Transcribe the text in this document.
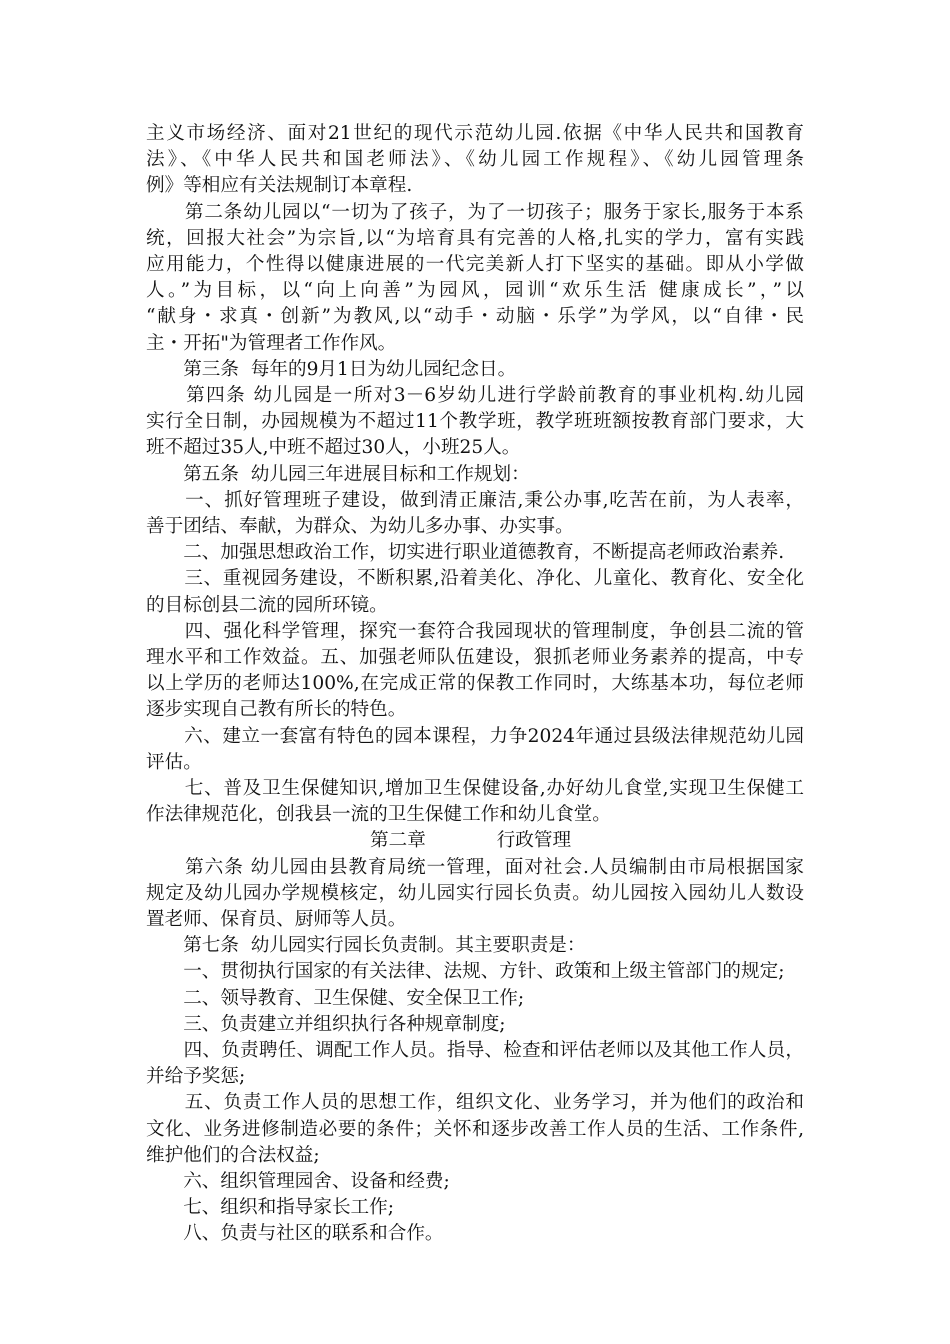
主义市场经济、面对21世纪的现代示范幼儿园.依据《中华人民共和国教育
法》、《中华人民共和国老师法》、《幼儿园工作规程》、《幼儿园管理条
例》等相应有关法规制订本章程.
　　第二条幼儿园以“一切为了孩子，为了一切孩子；服务于家长,服务于本系
统，回报大社会”为宗旨,以“为培育具有完善的人格,扎实的学力，富有实践
应用能力，个性得以健康进展的一代完美新人打下坚实的基础。即从小学做
人。”为目标，以“向上向善”为园风，园训“欢乐生活 健康成长”，”以
“献身・求真・创新”为教风,以“动手・动脑・乐学”为学风，以“自律・民
主・开拓"为管理者工作作风。
　　第三条  每年的9月1日为幼儿园纪念日。
　　第四条 幼儿园是一所对3－6岁幼儿进行学龄前教育的事业机构.幼儿园
实行全日制，办园规模为不超过11个教学班，教学班班额按教育部门要求，大
班不超过35人,中班不超过30人，小班25人。
　　第五条  幼儿园三年进展目标和工作规划：
　　一、抓好管理班子建设，做到清正廉洁,秉公办事,吃苦在前，为人表率，
善于团结、奉献，为群众、为幼儿多办事、办实事。
　　二、加强思想政治工作，切实进行职业道德教育，不断提高老师政治素养.
　　三、重视园务建设，不断积累,沿着美化、净化、儿童化、教育化、安全化
的目标创县二流的园所环镜。
　　四、强化科学管理，探究一套符合我园现状的管理制度，争创县二流的管
理水平和工作效益。五、加强老师队伍建设，狠抓老师业务素养的提高，中专
以上学历的老师达100%,在完成正常的保教工作同时，大练基本功，每位老师
逐步实现自己教有所长的特色。
　　六、建立一套富有特色的园本课程，力争2024年通过县级法律规范幼儿园
评估。
　　七、普及卫生保健知识,增加卫生保健设备,办好幼儿食堂,实现卫生保健工
作法律规范化，创我县一流的卫生保健工作和幼儿食堂。
第二章            行政管理
　　第六条 幼儿园由县教育局统一管理，面对社会.人员编制由市局根据国家
规定及幼儿园办学规模核定，幼儿园实行园长负责。幼儿园按入园幼儿人数设
置老师、保育员、厨师等人员。
　　第七条  幼儿园实行园长负责制。其主要职责是：
　　一、贯彻执行国家的有关法律、法规、方针、政策和上级主管部门的规定;
　　二、领导教育、卫生保健、安全保卫工作;
　　三、负责建立并组织执行各种规章制度;
　　四、负责聘任、调配工作人员。指导、检查和评估老师以及其他工作人员，
并给予奖惩;
　　五、负责工作人员的思想工作，组织文化、业务学习，并为他们的政治和
文化、业务进修制造必要的条件；关怀和逐步改善工作人员的生活、工作条件,
维护他们的合法权益;
　　六、组织管理园舍、设备和经费;
　　七、组织和指导家长工作;
　　八、负责与社区的联系和合作。
